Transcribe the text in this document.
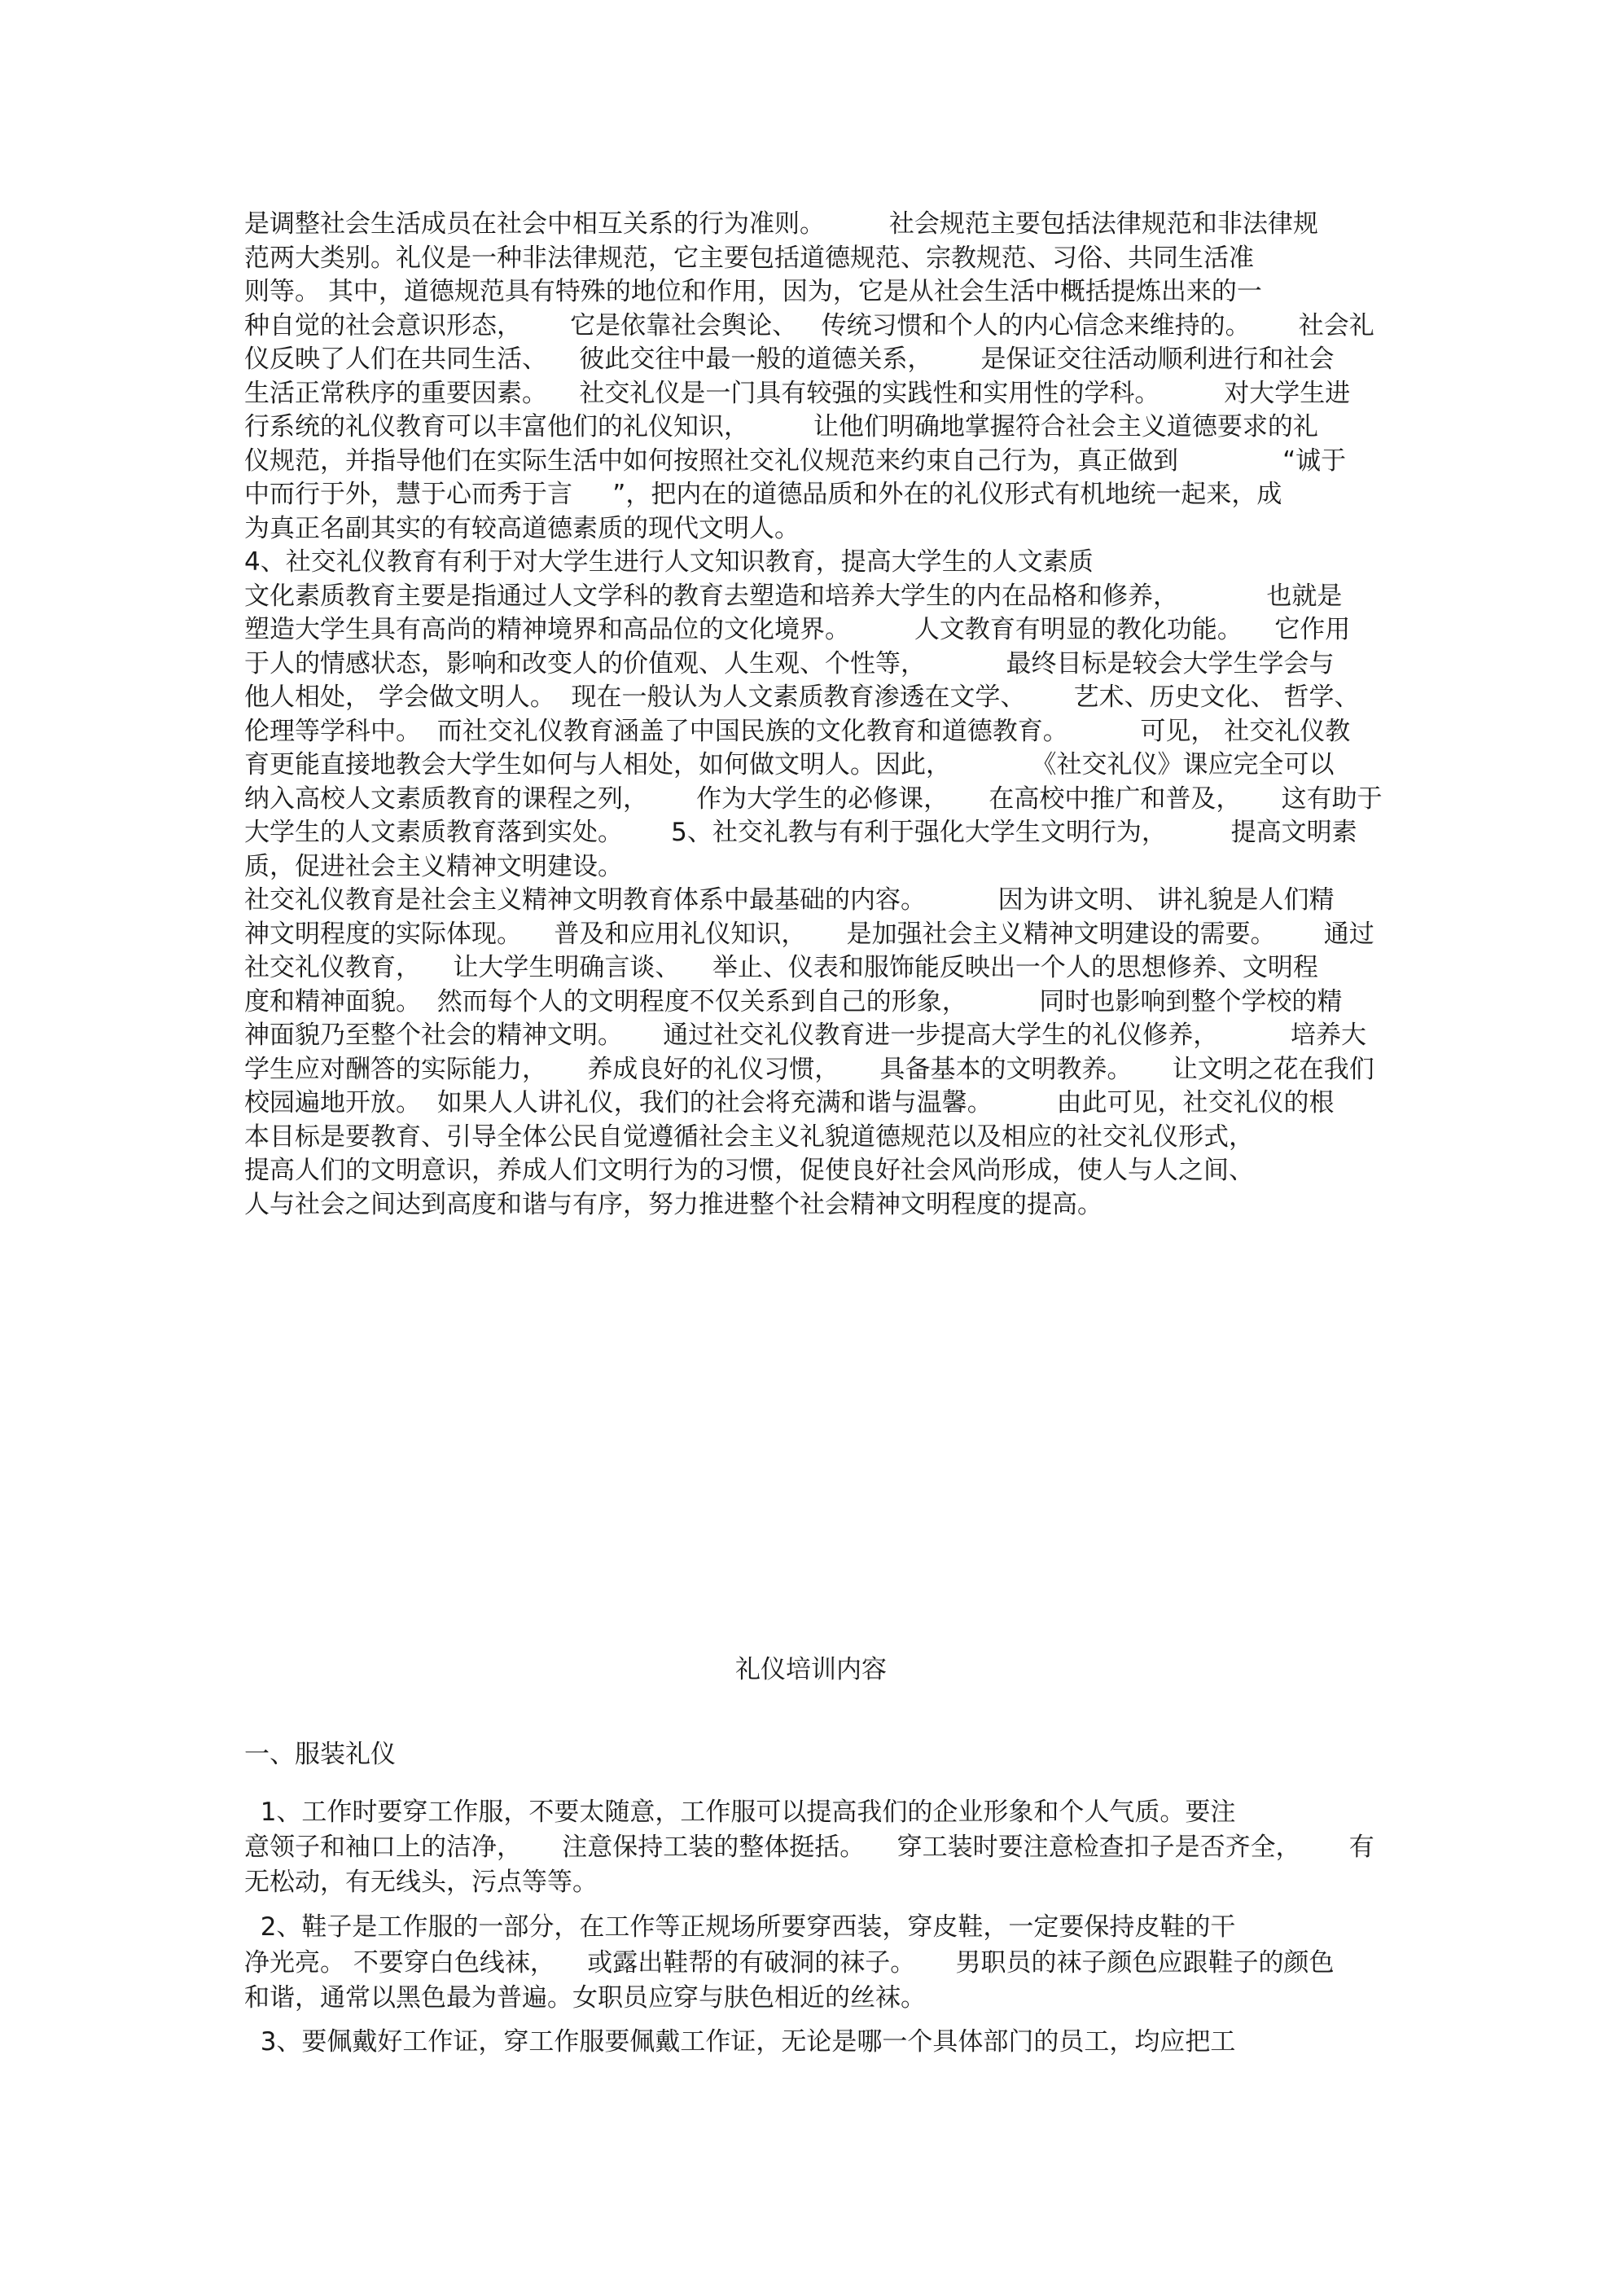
是调整社会生活成员在社会中相互关系的行为准则。        社会规范主要包括法律规范和非法律规
范两大类别。礼仪是一种非法律规范，它主要包括道德规范、宗教规范、习俗、共同生活准
则等。 其中，道德规范具有特殊的地位和作用，因为，它是从社会生活中概括提炼出来的一
种自觉的社会意识形态，      它是依靠社会舆论、   传统习惯和个人的内心信念来维持的。      社会礼
仪反映了人们在共同生活、    彼此交往中最一般的道德关系，      是保证交往活动顺利进行和社会
生活正常秩序的重要因素。    社交礼仪是一门具有较强的实践性和实用性的学科。        对大学生进
行系统的礼仪教育可以丰富他们的礼仪知识，        让他们明确地掌握符合社会主义道德要求的礼
仪规范，并指导他们在实际生活中如何按照社交礼仪规范来约束自己行为，真正做到             “诚于
中而行于外，慧于心而秀于言     ”，把内在的道德品质和外在的礼仪形式有机地统一起来，成
为真正名副其实的有较高道德素质的现代文明人。
4、社交礼仪教育有利于对大学生进行人文知识教育，提高大学生的人文素质
文化素质教育主要是指通过人文学科的教育去塑造和培养大学生的内在品格和修养，           也就是
塑造大学生具有高尚的精神境界和高品位的文化境界。        人文教育有明显的教化功能。    它作用
于人的情感状态，影响和改变人的价值观、人生观、个性等，          最终目标是较会大学生学会与
他人相处， 学会做文明人。  现在一般认为人文素质教育渗透在文学、      艺术、历史文化、 哲学、
伦理等学科中。  而社交礼仪教育涵盖了中国民族的文化教育和道德教育。         可见， 社交礼仪教
育更能直接地教会大学生如何与人相处，如何做文明人。因此，          《社交礼仪》课应完全可以
纳入高校人文素质教育的课程之列，      作为大学生的必修课，     在高校中推广和普及，     这有助于
大学生的人文素质教育落到实处。      5、社交礼教与有利于强化大学生文明行为，        提高文明素
质，促进社会主义精神文明建设。
社交礼仪教育是社会主义精神文明教育体系中最基础的内容。         因为讲文明、 讲礼貌是人们精
神文明程度的实际体现。    普及和应用礼仪知识，     是加强社会主义精神文明建设的需要。      通过
社交礼仪教育，    让大学生明确言谈、    举止、仪表和服饰能反映出一个人的思想修养、文明程
度和精神面貌。  然而每个人的文明程度不仅关系到自己的形象，         同时也影响到整个学校的精
神面貌乃至整个社会的精神文明。     通过社交礼仪教育进一步提高大学生的礼仪修养，         培养大
学生应对酬答的实际能力，     养成良好的礼仪习惯，     具备基本的文明教养。     让文明之花在我们
校园遍地开放。  如果人人讲礼仪，我们的社会将充满和谐与温馨。        由此可见，社交礼仪的根
本目标是要教育、引导全体公民自觉遵循社会主义礼貌道德规范以及相应的社交礼仪形式，
提高人们的文明意识，养成人们文明行为的习惯，促使良好社会风尚形成，使人与人之间、
人与社会之间达到高度和谐与有序，努力推进整个社会精神文明程度的提高。
礼仪培训内容
一、服装礼仪
1、工作时要穿工作服，不要太随意，工作服可以提高我们的企业形象和个人气质。要注
意领子和袖口上的洁净，     注意保持工装的整体挺括。    穿工装时要注意检查扣子是否齐全，      有
无松动，有无线头，污点等等。
2、鞋子是工作服的一部分，在工作等正规场所要穿西装，穿皮鞋，一定要保持皮鞋的干
净光亮。 不要穿白色线袜，    或露出鞋帮的有破洞的袜子。     男职员的袜子颜色应跟鞋子的颜色
和谐，通常以黑色最为普遍。女职员应穿与肤色相近的丝袜。
3、要佩戴好工作证，穿工作服要佩戴工作证，无论是哪一个具体部门的员工，均应把工
